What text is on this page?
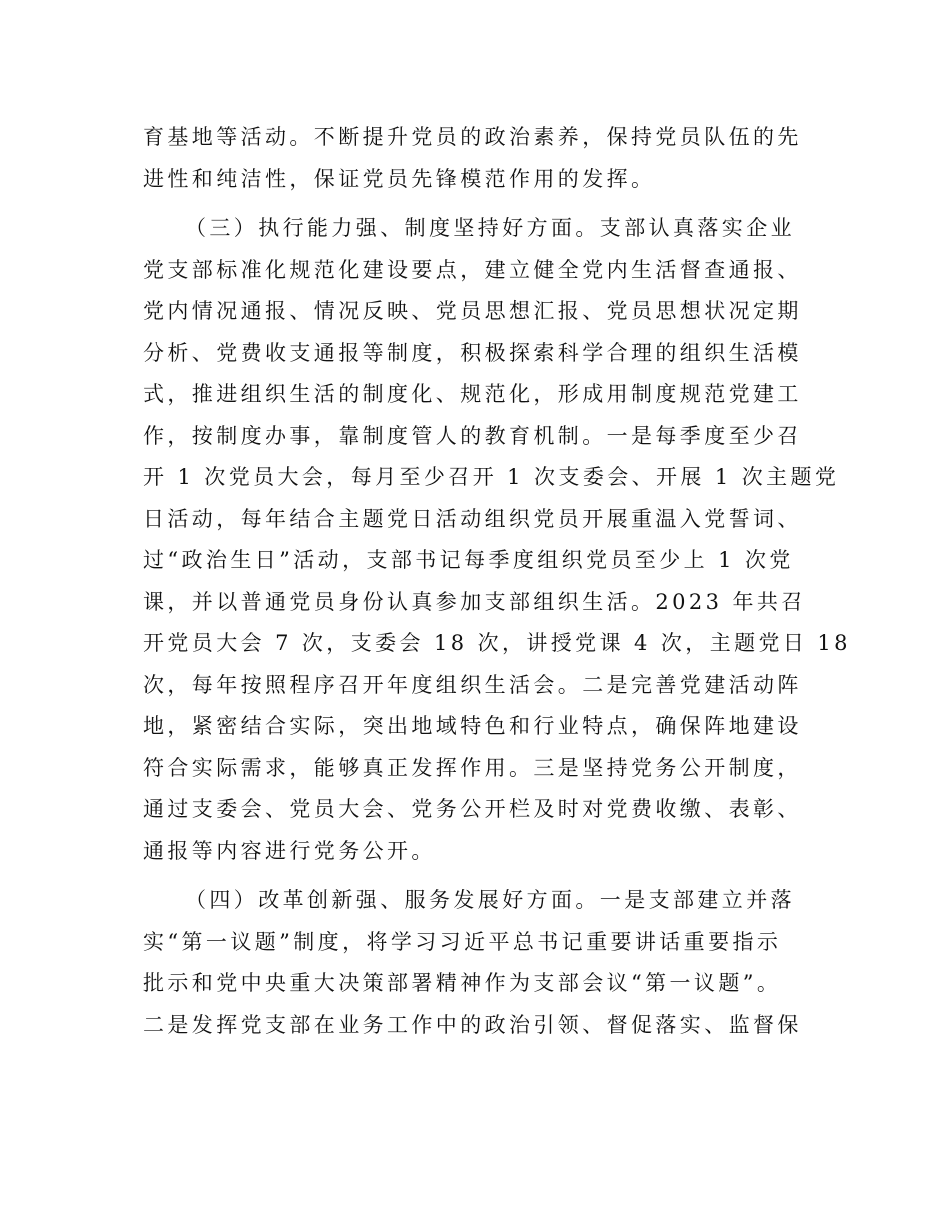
育基地等活动。不断提升党员的政治素养，保持党员队伍的先
进性和纯洁性，保证党员先锋模范作用的发挥。
（三）执行能力强、制度坚持好方面。支部认真落实企业
党支部标准化规范化建设要点，建立健全党内生活督查通报、
党内情况通报、情况反映、党员思想汇报、党员思想状况定期
分析、党费收支通报等制度，积极探索科学合理的组织生活模
式，推进组织生活的制度化、规范化，形成用制度规范党建工
作，按制度办事，靠制度管人的教育机制。一是每季度至少召
开 1 次党员大会，每月至少召开 1 次支委会、开展 1 次主题党
日活动，每年结合主题党日活动组织党员开展重温入党誓词、
过“政治生日”活动，支部书记每季度组织党员至少上 1 次党
课，并以普通党员身份认真参加支部组织生活。2023 年共召
开党员大会 7 次，支委会 18 次，讲授党课 4 次，主题党日 18
次，每年按照程序召开年度组织生活会。二是完善党建活动阵
地，紧密结合实际，突出地域特色和行业特点，确保阵地建设
符合实际需求，能够真正发挥作用。三是坚持党务公开制度，
通过支委会、党员大会、党务公开栏及时对党费收缴、表彰、
通报等内容进行党务公开。
（四）改革创新强、服务发展好方面。一是支部建立并落
实“第一议题”制度，将学习习近平总书记重要讲话重要指示
批示和党中央重大决策部署精神作为支部会议“第一议题”。
二是发挥党支部在业务工作中的政治引领、督促落实、监督保
